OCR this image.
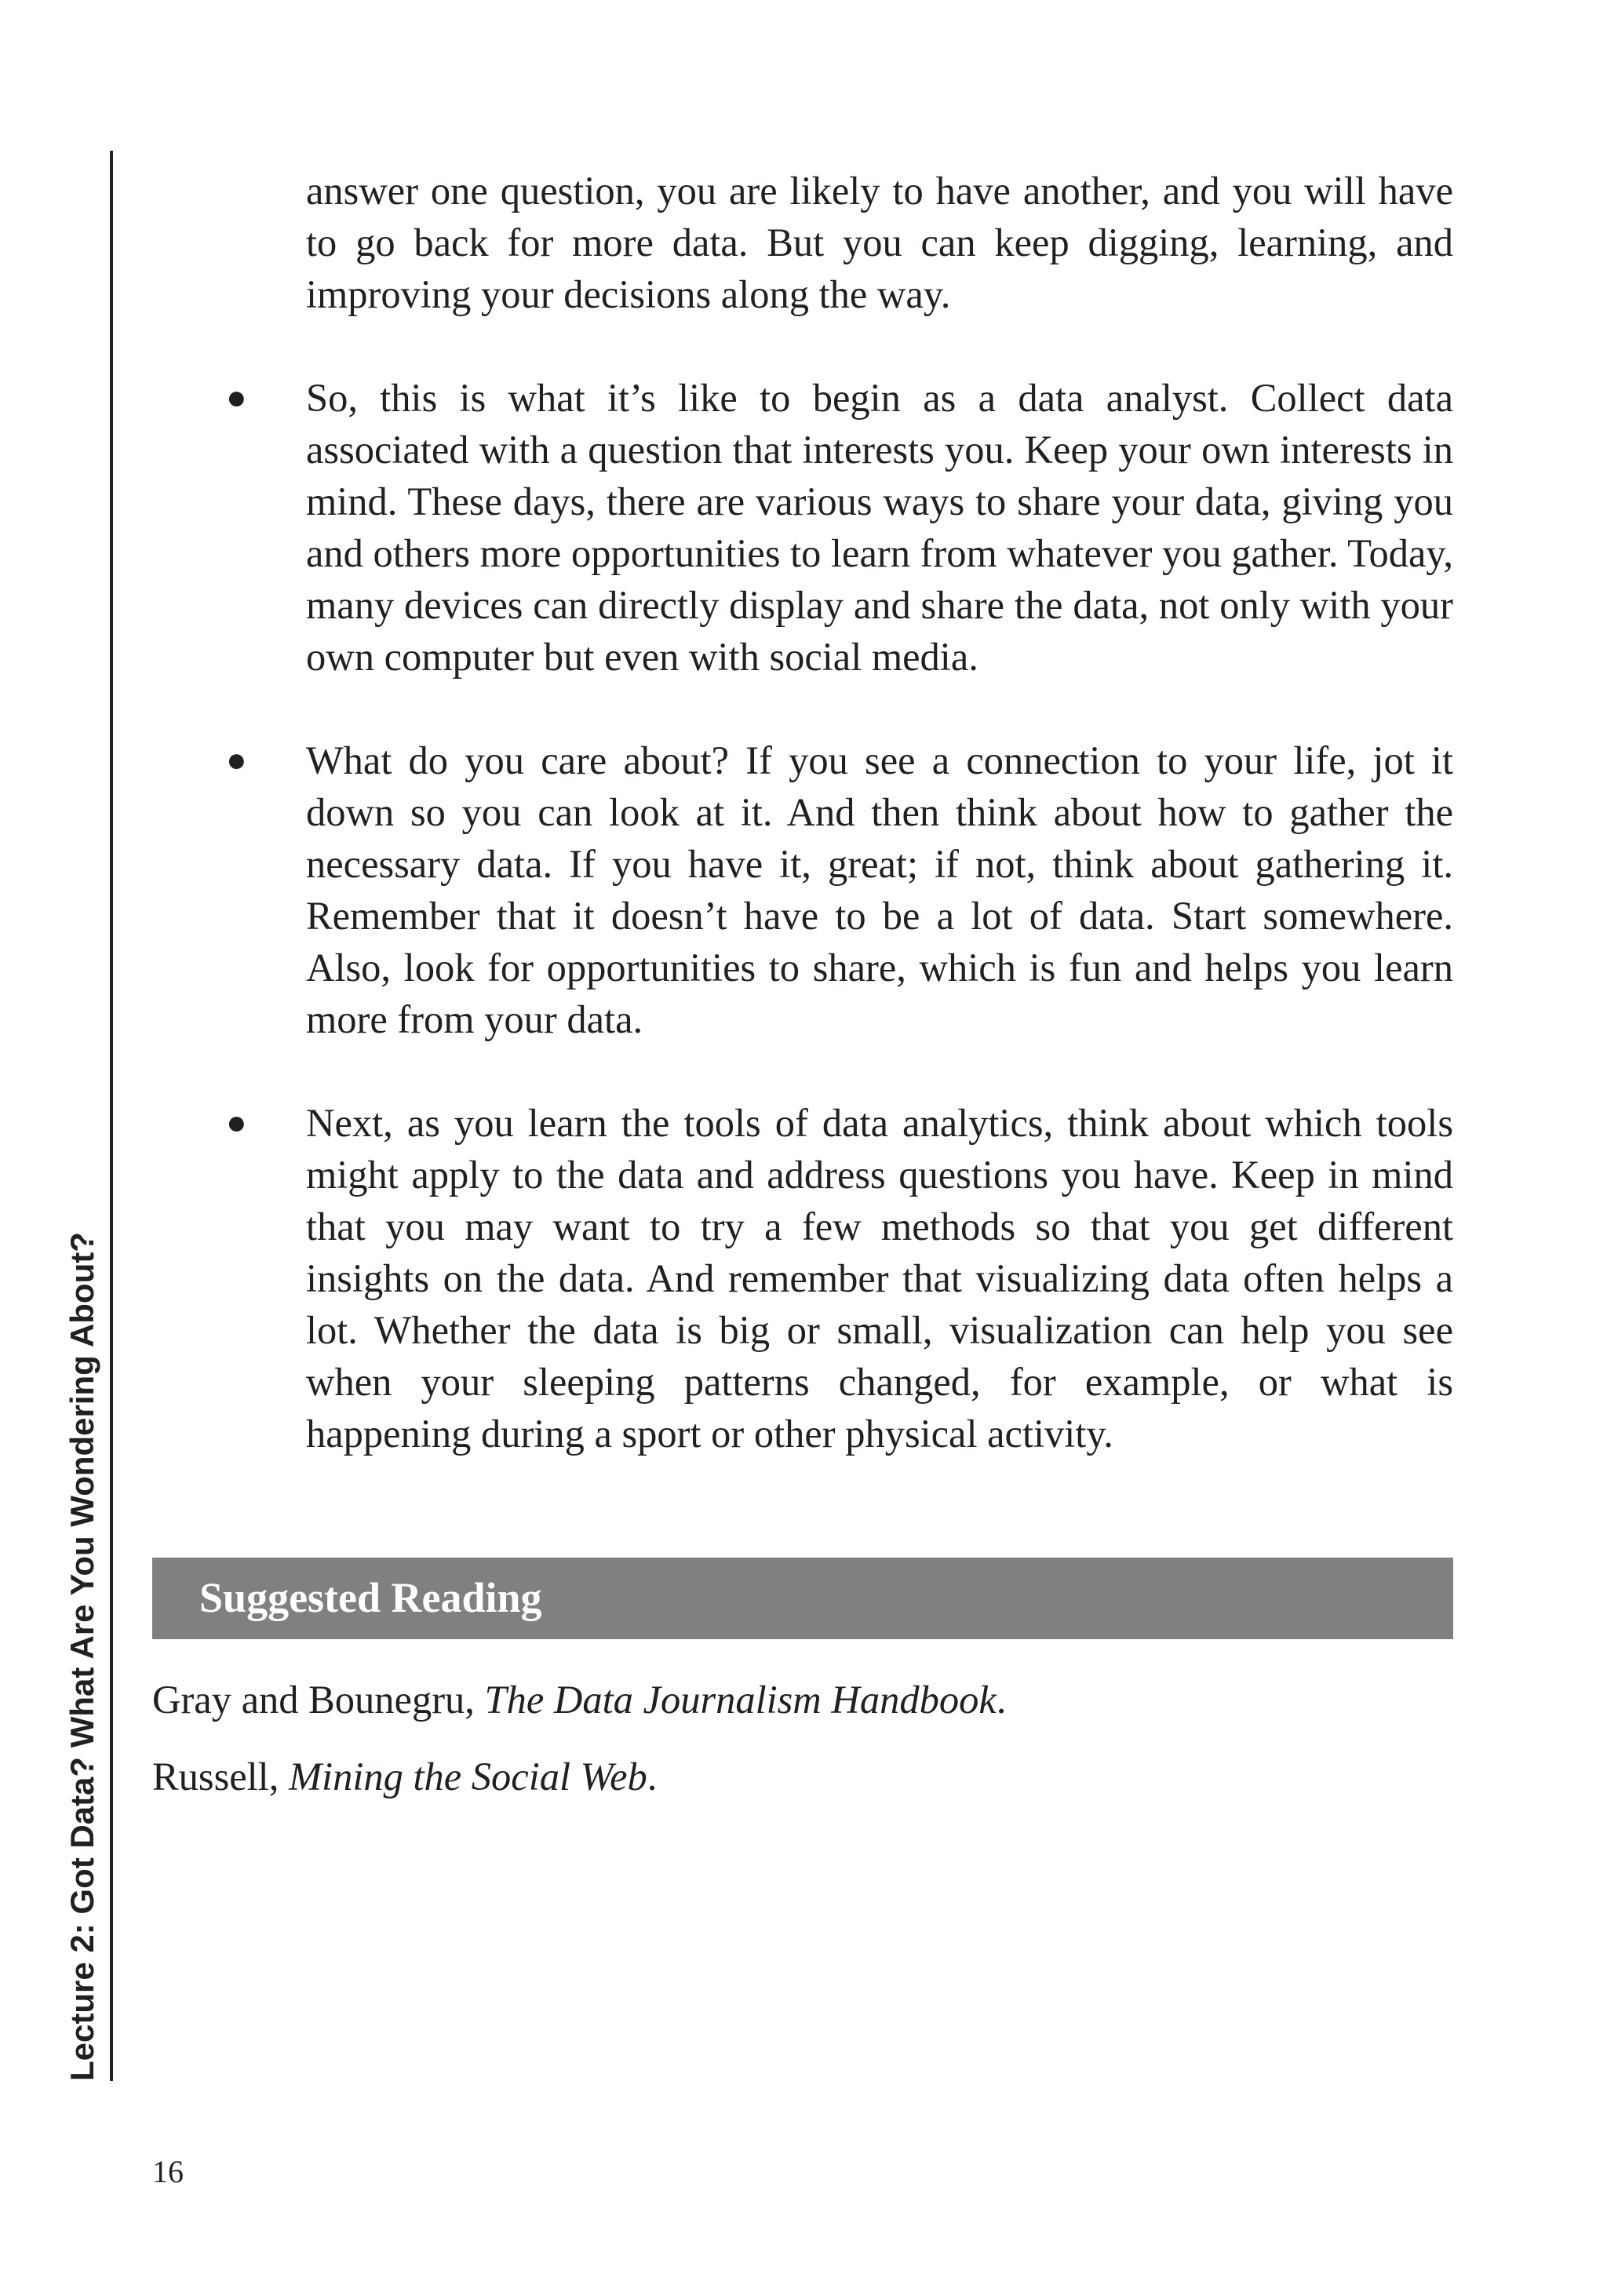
Lecture 2: Got Data? What Are You Wondering About?

answer one question, you are likely to have another, and you will have to go back for more data. But you can keep digging, learning, and improving your decisions along the way.

● So, this is what it’s like to begin as a data analyst. Collect data associated with a question that interests you. Keep your own interests in mind. These days, there are various ways to share your data, giving you and others more opportunities to learn from whatever you gather. Today, many devices can directly display and share the data, not only with your own computer but even with social media.
● What do you care about? If you see a connection to your life, jot it down so you can look at it. And then think about how to gather the necessary data. If you have it, great; if not, think about gathering it. Remember that it doesn’t have to be a lot of data. Start somewhere. Also, look for opportunities to share, which is fun and helps you learn more from your data.
● Next, as you learn the tools of data analytics, think about which tools might apply to the data and address questions you have. Keep in mind that you may want to try a few methods so that you get different insights on the data. And remember that visualizing data often helps a lot. Whether the data is big or small, visualization can help you see when your sleeping patterns changed, for example, or what is happening during a sport or other physical activity.
Suggested Reading

Gray and Bounegru, The Data Journalism Handbook.

Russell, Mining the Social Web.

16
